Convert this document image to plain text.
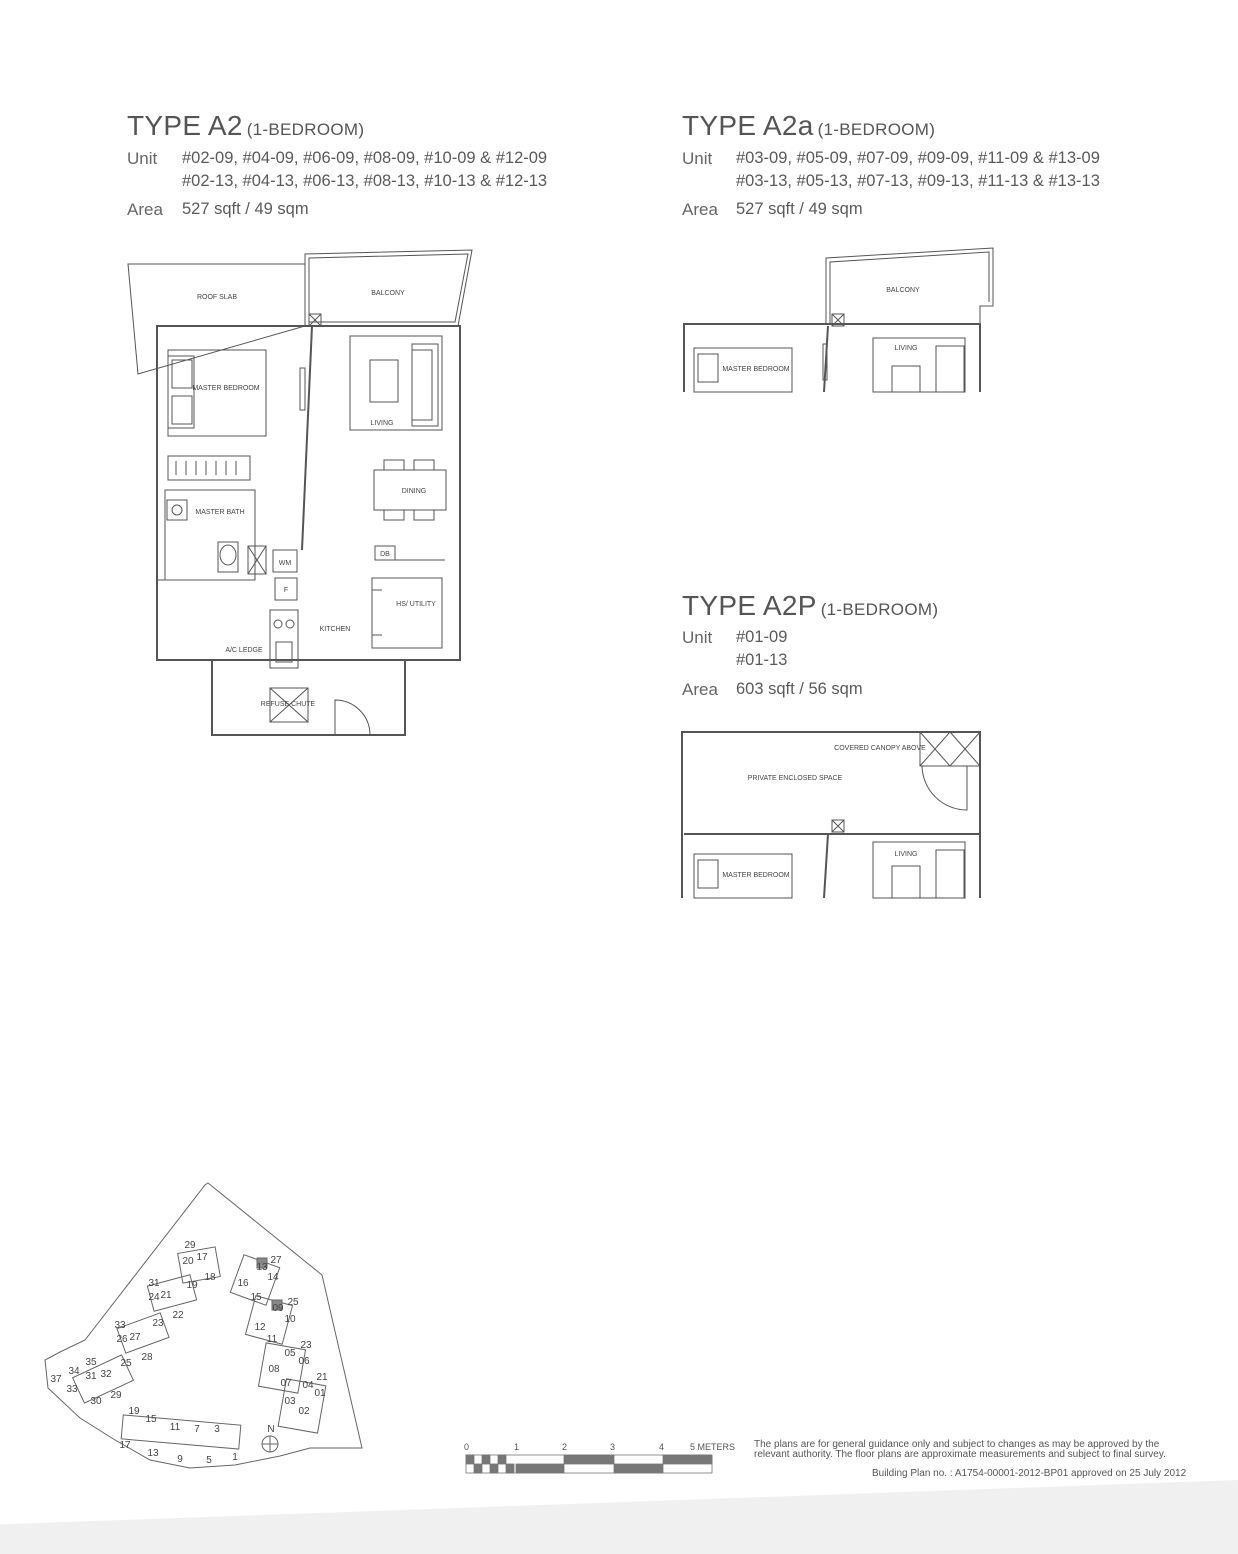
TYPE A2 (1-BEDROOM)
Unit #02-09, #04-09, #06-09, #08-09, #10-09 & #12-09
#02-13, #04-13, #06-13, #08-13, #10-13 & #12-13
Area 527 sqft / 49 sqm
TYPE A2a (1-BEDROOM)
Unit #03-09, #05-09, #07-09, #09-09, #11-09 & #13-09
#03-13, #05-13, #07-13, #09-13, #11-13 & #13-13
Area 527 sqft / 49 sqm
TYPE A2P (1-BEDROOM)
Unit #01-09
#01-13
Area 603 sqft / 56 sqm
ROOF SLAB
BALCONY
MASTER BEDROOM
LIVING
DINING
MASTER BATH
DB
WM
F
KITCHEN
HS/ UTILITY
A/C LEDGE
REFUSE CHUTE
BALCONY
LIVING
MASTER BEDROOM
COVERED CANOPY ABOVE
PRIVATE ENCLOSED SPACE
LIVING
MASTER BEDROOM
29
20 17
18
19
31
24 21
22
23
33
26 27
28
25
35
34 31 32
37
33
30
29
13
27
14
16
15
09
25
10
12
11
23
05
06
08
07
21
04
01
03
02
19
15
11 7 3
17
13
9 5 1
N
0	1	2	3	4	5 METERS The plans are for general guidance only and subject to changes as may be approved by the
relevant authority. The floor plans are approximate measurements and subject to final survey.
Building Plan no. : A1754-00001-2012-BP01 approved on 25 July 2012
